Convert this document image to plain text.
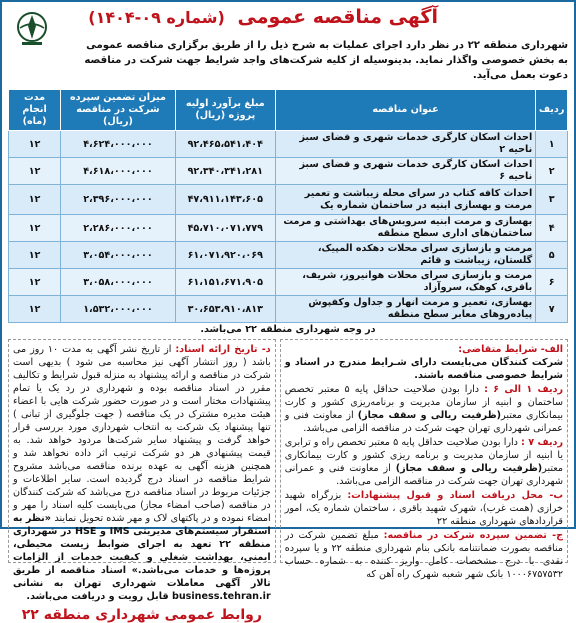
آگهی مناقصه عمومی (شماره ۰۹-۱۴۰۴)
شهرداری منطقه ۲۲ در نظر دارد اجرای عملیات به شرح ذیل را از طریق برگزاری مناقصه عمومی
به بخش خصوصی واگذار نماید. بدینوسیله از کلیه شرکت‌های واجد شرایط جهت شرکت در مناقصه دعوت بعمل می‌آید.
ردیف	عنوان مناقصه	مبلغ برآورد اولیه پروژه (ریال)	میزان تضمین سپرده شرکت در مناقصه (ریال)	مدت انجام (ماه)
۱	احداث اسکان کارگری خدمات شهری و فضای سبز ناحیه ۲	۹۲،۴۶۵،۵۴۱،۴۰۴	۴،۶۲۴،۰۰۰،۰۰۰	۱۲
۲	احداث اسکان کارگری خدمات شهری و فضای سبز ناحیه ۶	۹۲،۳۴۰،۳۴۱،۲۸۱	۴،۶۱۸،۰۰۰،۰۰۰	۱۲
۳	احداث کافه کتاب در سرای محله زیباشت و تعمیر مرمت و بهسازی ابنیه در ساختمان شماره یک	۴۷،۹۱۱،۱۴۳،۶۰۵	۲،۳۹۶،۰۰۰،۰۰۰	۱۲
۴	بهسازی و مرمت ابنیه سرویس‌های بهداشتی و مرمت ساختمان‌های اداری سطح منطقه	۴۵،۷۱۰،۰۷۱،۷۷۹	۲،۲۸۶،۰۰۰،۰۰۰	۱۲
۵	مرمت و بازسازی سرای محلات دهکده المپیک، گلستان، زیباشت و قائم	۶۱،۰۷۱،۹۲۰،۰۶۹	۳،۰۵۴،۰۰۰،۰۰۰	۱۲
۶	مرمت و بازسازی سرای محلات هوانیروز، شریف، باقری، کوهک، سروآزاد	۶۱،۱۵۱،۶۷۱،۹۰۵	۳،۰۵۸،۰۰۰،۰۰۰	۱۲
۷	بهسازی، تعمیر و مرمت انهار و جداول وکفپوش پیاده‌روهای معابر سطح منطقه	۳۰،۶۵۳،۹۱۰،۸۱۳	۱،۵۳۲،۰۰۰،۰۰۰	۱۲
در وجه شهرداری منطقه ۲۲ می‌باشد.
الف- شرایط متقاضی:
شرکت کنندگان می‌بایست دارای شـرایط مندرج در اسناد و شرایط خصوصی مناقصه باشند.
ردیف ۱ الی ۶ : دارا بودن صلاحیت حداقل پایه ۵ معتبر تخصص ساختمان و ابنیه از سازمان مدیریت و برنامه‌ریزی کشور و کارت بیمانکاری معتبر(ظرفیت ریالی و سقف مجاز) از معاونت فنی و عمرانی شهرداری تهران جهت شرکت در مناقصه الزامی می‌باشد.
ردیف ۷ : دارا بودن صلاحیت حداقل پایه ۵ معتبر تخصص راه و ترابری یا ابنیه از سازمان مدیریت و برنامه ریزی کشور و کارت بیمانکاری معتبر(ظرفیت ریالی و سقف مجاز) از معاونت فنی و عمرانی شهرداری تهران جهت شرکت در مناقصه الزامی می‌باشد.
ب- محل دریافت اسناد و قبول پیشنهادات: بزرگراه شهید خرازی (همت غرب)، شهرک شهید باقری ، ساختمان شماره یک، امور قراردادهای شهرداری منطقه ۲۲
ج- تضمین سپرده شرکت در مناقصه: مبلغ تضمین شرکت در مناقصه بصورت ضمانتنامه بانکی بنام شهرداری منطقه ۲۲ و یا سپرده نقدی با درج مشخصات کامل واریز کننده به شماره حساب ۱۰۰۰۶۷۵۷۵۳۲ بانک شهر شعبه شهرک راه آهن که
د- تاریخ ارائه اسناد: از تاریخ نشر آگهی به مدت ۱۰ روز می باشد ( روز انتشار آگهی نیز محاسبه می شود ) بدیهی است شرکت در مناقصه و ارائه پیشنهاد به منزله قبول شرایط و تکالیف مقرر در اسناد مناقصه بوده و شهرداری در رد یک یا تمام پیشنهادات مختار است و در صورت حضور شرکت هایی با اعضاء هیئت مدیره مشترک در یک مناقصه ( جهت جلوگیری از تبانی ) تنها پیشنهاد یک شرکت به انتخاب شهرداری مورد بررسی قرار خواهد گرفت و پیشنهاد سایر شرکت‌ها مردود خواهد شد. به قیمت پیشنهادی هر دو شرکت ترتیب اثر داده نخواهد شد و همچنین هزینه آگهی به عهده برنده مناقصه می‌باشد مشروح شرایط مناقصه در اسناد درج گردیده است. سایر اطلاعات و جزئیات مربوط در اسناد مناقصه درج می‌باشد که شرکت کنندگان در مناقصه (صاحب امضاء مجاز) می‌بایست کلیه اسناد را مهر و امضاء نموده و در پاکتهای لاک و مهر شده تحویل نمایند «نظر به استقرار سیستم‌های مدیریتی IMS و HSE در شهرداری منطقه ۲۲ تعهد به اجرای ضوابط زیست محیطی، ایمنی، بهداشت شغلی و کیفیت خدمات از الزامات پروژه‌ها و خدمات می‌باشد.» اسناد مناقصه از طریق تالار آگهی معاملات شهرداری تهران به نشانی business.tehran.ir قابل رویت و دریافت می‌باشد.
روابط عمومی شهرداری منطقه ۲۲
